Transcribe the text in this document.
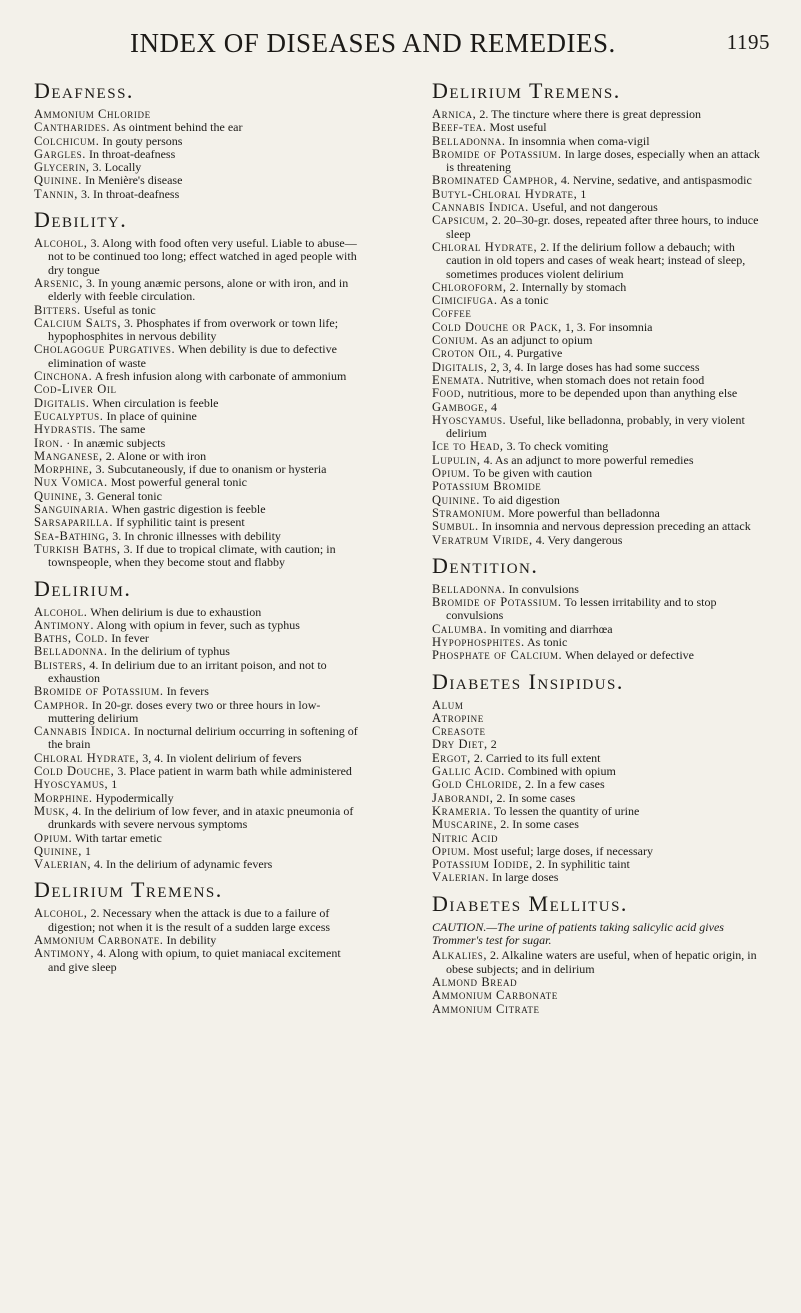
INDEX OF DISEASES AND REMEDIES.	1195
Deafness.

Ammonium Chloride

Cantharides. As ointment behind the ear

Colchicum. In gouty persons

Gargles. In throat-deafness

Glycerin, 3. Locally

Quinine. In Menière's disease

Tannin, 3. In throat-deafness

Debility.

Alcohol, 3. Along with food often very useful. Liable to abuse—not to be continued too long; effect watched in aged people with dry tongue

Arsenic, 3. In young anæmic persons, alone or with iron, and in elderly with feeble circulation.

Bitters. Useful as tonic

Calcium Salts, 3. Phosphates if from overwork or town life; hypophosphites in nervous debility

Cholagogue Purgatives. When debility is due to defective elimination of waste

Cinchona. A fresh infusion along with carbonate of ammonium

Cod-Liver Oil

Digitalis. When circulation is feeble

Eucalyptus. In place of quinine

Hydrastis. The same

Iron. · In anæmic subjects

Manganese, 2. Alone or with iron

Morphine, 3. Subcutaneously, if due to onanism or hysteria

Nux Vomica. Most powerful general tonic

Quinine, 3. General tonic

Sanguinaria. When gastric digestion is feeble

Sarsaparilla. If syphilitic taint is present

Sea-Bathing, 3. In chronic illnesses with debility

Turkish Baths, 3. If due to tropical climate, with caution; in townspeople, when they become stout and flabby

Delirium.

Alcohol. When delirium is due to exhaustion

Antimony. Along with opium in fever, such as typhus

Baths, Cold. In fever

Belladonna. In the delirium of typhus

Blisters, 4. In delirium due to an irritant poison, and not to exhaustion

Bromide of Potassium. In fevers

Camphor. In 20-gr. doses every two or three hours in low-muttering delirium

Cannabis Indica. In nocturnal delirium occurring in softening of the brain

Chloral Hydrate, 3, 4. In violent delirium of fevers

Cold Douche, 3. Place patient in warm bath while administered

Hyoscyamus, 1

Morphine. Hypodermically

Musk, 4. In the delirium of low fever, and in ataxic pneumonia of drunkards with severe nervous symptoms

Opium. With tartar emetic

Quinine, 1

Valerian, 4. In the delirium of adynamic fevers

Delirium Tremens.

Alcohol, 2. Necessary when the attack is due to a failure of digestion; not when it is the result of a sudden large excess

Ammonium Carbonate. In debility

Antimony, 4. Along with opium, to quiet maniacal excitement and give sleep

Delirium Tremens.

Arnica, 2. The tincture where there is great depression

Beef-tea. Most useful

Belladonna. In insomnia when coma-vigil

Bromide of Potassium. In large doses, especially when an attack is threatening

Brominated Camphor, 4. Nervine, sedative, and antispasmodic

Butyl-Chloral Hydrate, 1

Cannabis Indica. Useful, and not dangerous

Capsicum, 2. 20–30-gr. doses, repeated after three hours, to induce sleep

Chloral Hydrate, 2. If the delirium follow a debauch; with caution in old topers and cases of weak heart; instead of sleep, sometimes produces violent delirium

Chloroform, 2. Internally by stomach

Cimicifuga. As a tonic

Coffee

Cold Douche or Pack, 1, 3. For insomnia

Conium. As an adjunct to opium

Croton Oil, 4. Purgative

Digitalis, 2, 3, 4. In large doses has had some success

Enemata. Nutritive, when stomach does not retain food

Food, nutritious, more to be depended upon than anything else

Gamboge, 4

Hyoscyamus. Useful, like belladonna, probably, in very violent delirium

Ice to Head, 3. To check vomiting

Lupulin, 4. As an adjunct to more powerful remedies

Opium. To be given with caution

Potassium Bromide

Quinine. To aid digestion

Stramonium. More powerful than belladonna

Sumbul. In insomnia and nervous depression preceding an attack

Veratrum Viride, 4. Very dangerous

Dentition.

Belladonna. In convulsions

Bromide of Potassium. To lessen irritability and to stop convulsions

Calumba. In vomiting and diarrhœa

Hypophosphites. As tonic

Phosphate of Calcium. When delayed or defective

Diabetes Insipidus.

Alum

Atropine

Creasote

Dry Diet, 2

Ergot, 2. Carried to its full extent

Gallic Acid. Combined with opium

Gold Chloride, 2. In a few cases

Jaborandi, 2. In some cases

Krameria. To lessen the quantity of urine

Muscarine, 2. In some cases

Nitric Acid

Opium. Most useful; large doses, if necessary

Potassium Iodide, 2. In syphilitic taint

Valerian. In large doses

Diabetes Mellitus.

CAUTION.—The urine of patients taking salicylic acid gives Trommer's test for sugar.

Alkalies, 2. Alkaline waters are useful, when of hepatic origin, in obese subjects; and in delirium

Almond Bread

Ammonium Carbonate

Ammonium Citrate
